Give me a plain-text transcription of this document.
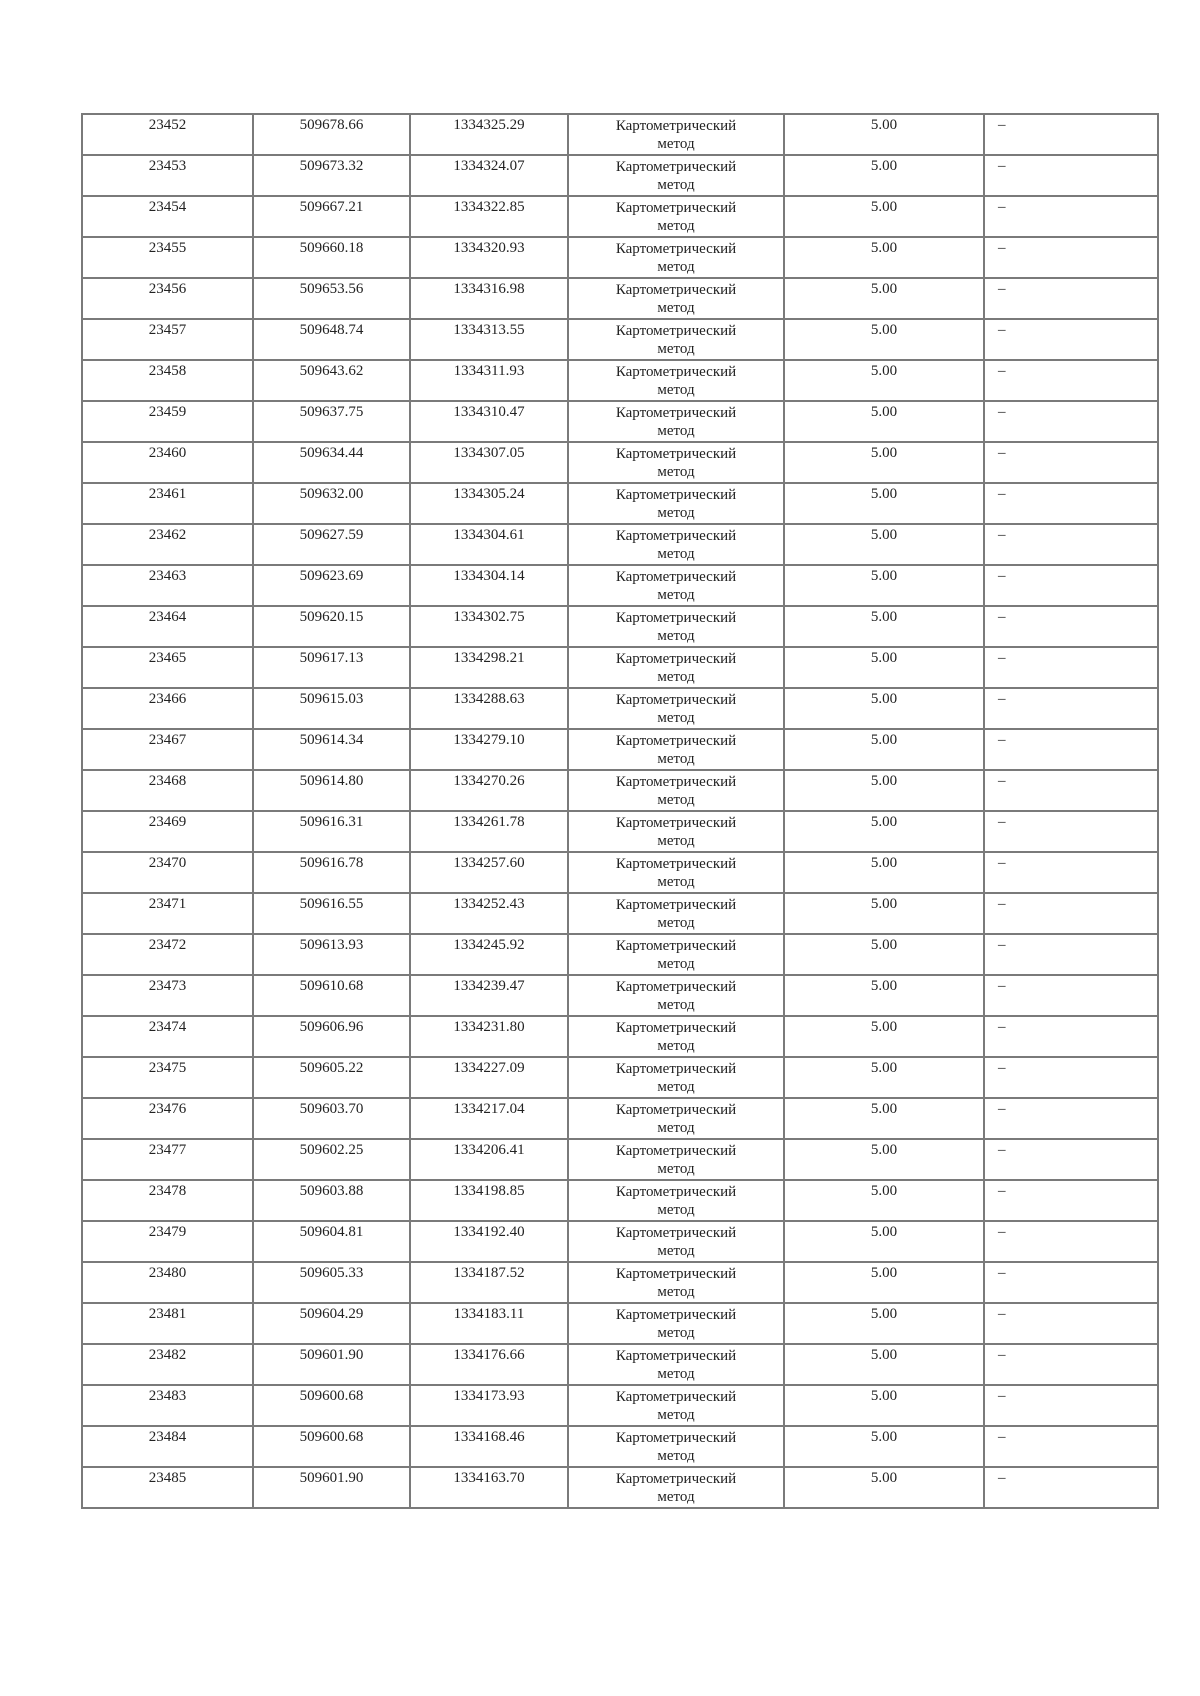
23452	509678.66	1334325.29	Картометрический
метод	5.00	–

23453	509673.32	1334324.07	Картометрический
метод	5.00	–

23454	509667.21	1334322.85	Картометрический
метод	5.00	–

23455	509660.18	1334320.93	Картометрический
метод	5.00	–

23456	509653.56	1334316.98	Картометрический
метод	5.00	–

23457	509648.74	1334313.55	Картометрический
метод	5.00	–

23458	509643.62	1334311.93	Картометрический
метод	5.00	–

23459	509637.75	1334310.47	Картометрический
метод	5.00	–

23460	509634.44	1334307.05	Картометрический
метод	5.00	–

23461	509632.00	1334305.24	Картометрический
метод	5.00	–

23462	509627.59	1334304.61	Картометрический
метод	5.00	–

23463	509623.69	1334304.14	Картометрический
метод	5.00	–

23464	509620.15	1334302.75	Картометрический
метод	5.00	–

23465	509617.13	1334298.21	Картометрический
метод	5.00	–

23466	509615.03	1334288.63	Картометрический
метод	5.00	–

23467	509614.34	1334279.10	Картометрический
метод	5.00	–

23468	509614.80	1334270.26	Картометрический
метод	5.00	–

23469	509616.31	1334261.78	Картометрический
метод	5.00	–

23470	509616.78	1334257.60	Картометрический
метод	5.00	–

23471	509616.55	1334252.43	Картометрический
метод	5.00	–

23472	509613.93	1334245.92	Картометрический
метод	5.00	–

23473	509610.68	1334239.47	Картометрический
метод	5.00	–

23474	509606.96	1334231.80	Картометрический
метод	5.00	–

23475	509605.22	1334227.09	Картометрический
метод	5.00	–

23476	509603.70	1334217.04	Картометрический
метод	5.00	–

23477	509602.25	1334206.41	Картометрический
метод	5.00	–

23478	509603.88	1334198.85	Картометрический
метод	5.00	–

23479	509604.81	1334192.40	Картометрический
метод	5.00	–

23480	509605.33	1334187.52	Картометрический
метод	5.00	–

23481	509604.29	1334183.11	Картометрический
метод	5.00	–

23482	509601.90	1334176.66	Картометрический
метод	5.00	–

23483	509600.68	1334173.93	Картометрический
метод	5.00	–

23484	509600.68	1334168.46	Картометрический
метод	5.00	–

23485	509601.90	1334163.70	Картометрический
метод	5.00	–
